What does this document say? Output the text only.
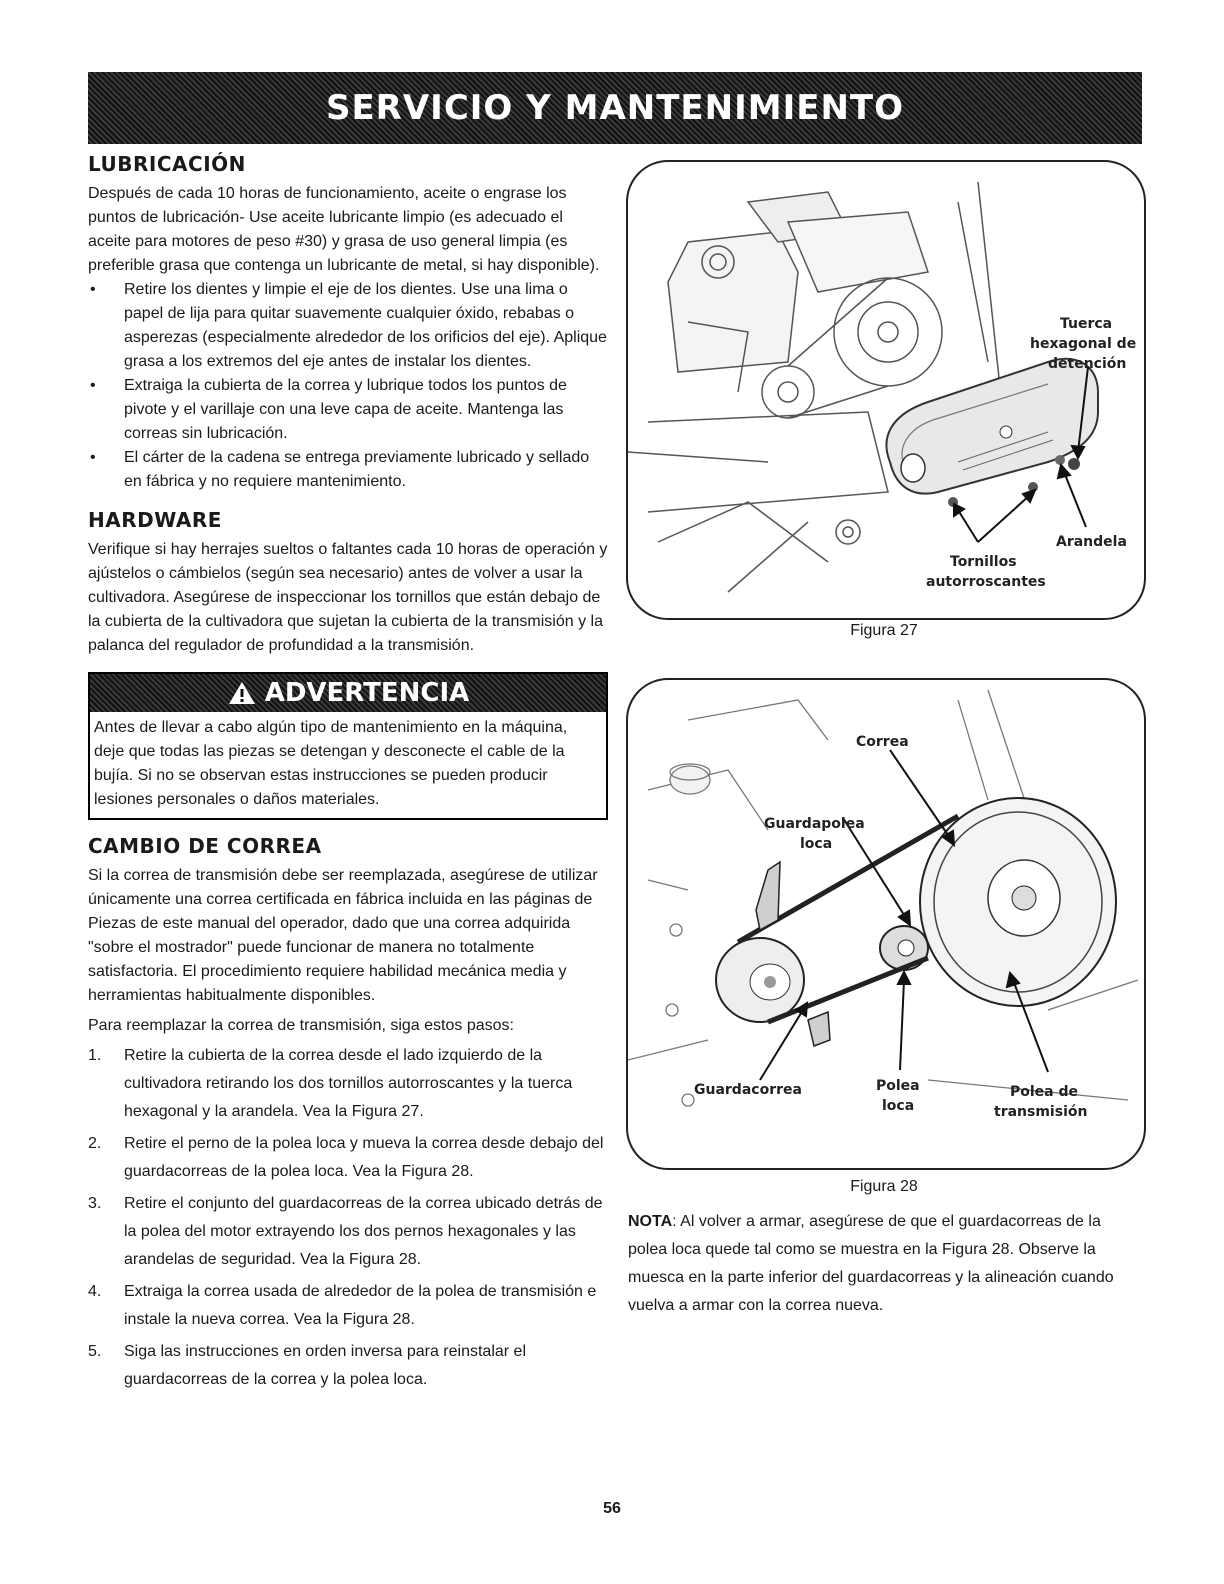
SERVICIO Y MANTENIMIENTO
LUBRICACIÓN

Después de cada 10 horas de funcionamiento, aceite o engrase los puntos de lubricación- Use aceite lubricante limpio (es adecuado el aceite para motores de peso #30) y grasa de uso general limpia (es preferible grasa que contenga un lubricante de metal, si hay disponible).

• Retire los dientes y limpie el eje de los dientes. Use una lima o papel de lija para quitar suavemente cualquier óxido, rebabas o asperezas (especialmente alrededor de los orificios del eje). Aplique grasa a los extremos del eje antes de instalar los dientes.
• Extraiga la cubierta de la correa y lubrique todos los puntos de pivote y el varillaje con una leve capa de aceite. Mantenga las correas sin lubricación.
• El cárter de la cadena se entrega previamente lubricado y sellado en fábrica y no requiere mantenimiento.
HARDWARE

Verifique si hay herrajes sueltos o faltantes cada 10 horas de operación y ajústelos o cámbielos (según sea necesario) antes de volver a usar la cultivadora. Asegúrese de inspeccionar los tornillos que están debajo de la cubierta de la cultivadora que sujetan la cubierta de la transmisión y la palanca del regulador de profundidad a la transmisión.

ADVERTENCIA
Antes de llevar a cabo algún tipo de mantenimiento en la máquina, deje que todas las piezas se detengan y desconecte el cable de la bujía. Si no se observan estas instrucciones se pueden producir lesiones personales o daños materiales.
CAMBIO DE CORREA

Si la correa de transmisión debe ser reemplazada, asegúrese de utilizar únicamente una correa certificada en fábrica incluida en las páginas de Piezas de este manual del operador, dado que una correa adquirida "sobre el mostrador" puede funcionar de manera no totalmente satisfactoria. El procedimiento requiere habilidad mecánica media y herramientas habitualmente disponibles.

Para reemplazar la correa de transmisión, siga estos pasos:

1. Retire la cubierta de la correa desde el lado izquierdo de la cultivadora retirando los dos tornillos autorroscantes y la tuerca hexagonal y la arandela. Vea la Figura 27.
2. Retire el perno de la polea loca y mueva la correa desde debajo del guardacorreas de la polea loca. Vea la Figura 28.
3. Retire el conjunto del guardacorreas de la correa ubicado detrás de la polea del motor extrayendo los dos pernos hexagonales y las arandelas de seguridad. Vea la Figura 28.
4. Extraiga la correa usada de alrededor de la polea de transmisión e instale la nueva correa. Vea la Figura 28.
5. Siga las instrucciones en orden inversa para reinstalar el guardacorreas de la correa y la polea loca.
Tuerca
hexagonal de
detención
Arandela
Tornillos
autorroscantes
Figura 27
Correa
Guardapolea
loca
Guardacorrea	Polea
loca
Polea de
transmisión
Figura 28
NOTA: Al volver a armar, asegúrese de que el guardacorreas de la polea loca quede tal como se muestra en la Figura 28. Observe la muesca en la parte inferior del guardacorreas y la alineación cuando vuelva a armar con la correa nueva.
56
